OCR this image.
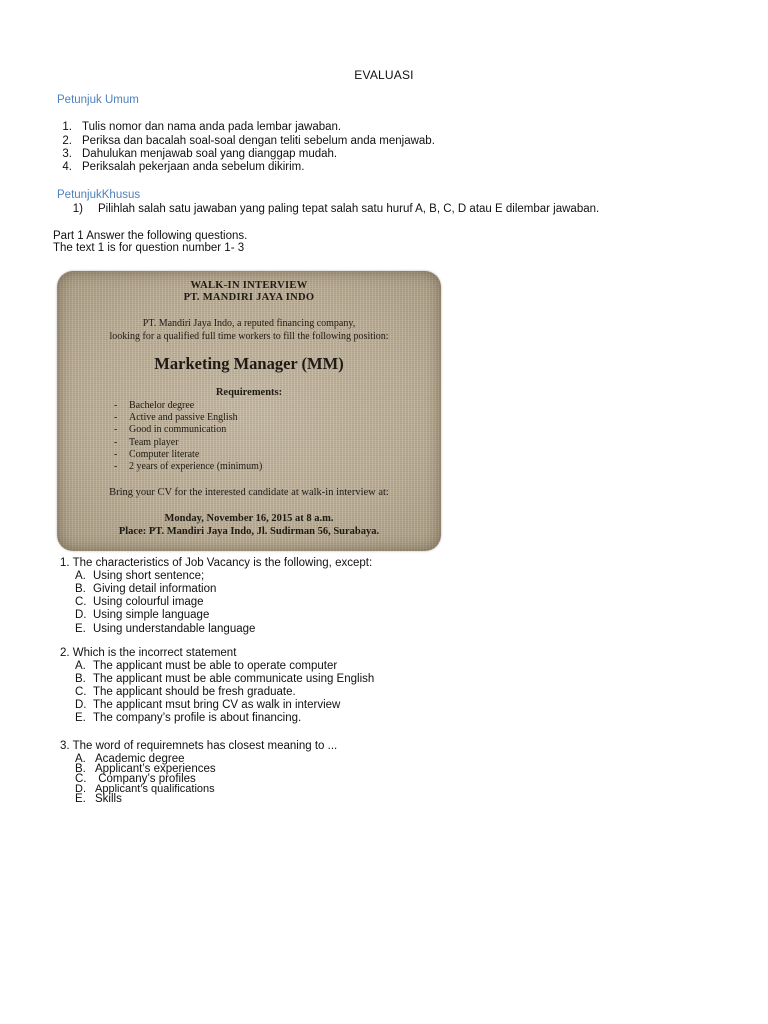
EVALUASI
Petunjuk Umum
1. Tulis nomor dan nama anda pada lembar jawaban.
2. Periksa dan bacalah soal-soal dengan teliti sebelum anda menjawab.
3. Dahulukan menjawab soal yang dianggap mudah.
4. Periksalah pekerjaan anda sebelum dikirim.
PetunjukKhusus
1) Pilihlah salah satu jawaban yang paling tepat salah satu huruf A, B, C, D atau E dilembar jawaban.
Part 1 Answer the following questions.
The text 1 is for question number 1- 3
WALK-IN INTERVIEW
PT. MANDIRI JAYA INDO
PT. Mandiri Jaya Indo, a reputed financing company,
looking for a qualified full time workers to fill the following position:
Marketing Manager (MM)
Requirements:
- Bachelor degree
- Active and passive English
- Good in communication
- Team player
- Computer literate
- 2 years of experience (minimum)
Bring your CV for the interested candidate at walk-in interview at:
Monday, November 16, 2015 at 8 a.m.
Place: PT. Mandiri Jaya Indo, Jl. Sudirman 56, Surabaya.
1. The characteristics of Job Vacancy is the following, except:
A. Using short sentence;
B. Giving detail information
C. Using colourful image
D. Using simple language
E. Using understandable language
2. Which is the incorrect statement
A. The applicant must be able to operate computer
B. The applicant must be able communicate using English
C. The applicant should be fresh graduate.
D. The applicant msut bring CV as walk in interview
E. The company’s profile is about financing.
3. The word of requiremnets has closest meaning to ...
A. Academic degree
B. Applicant’s experiences
C. Company’s profiles
D. Applicant’s qualifications
E. Skills
